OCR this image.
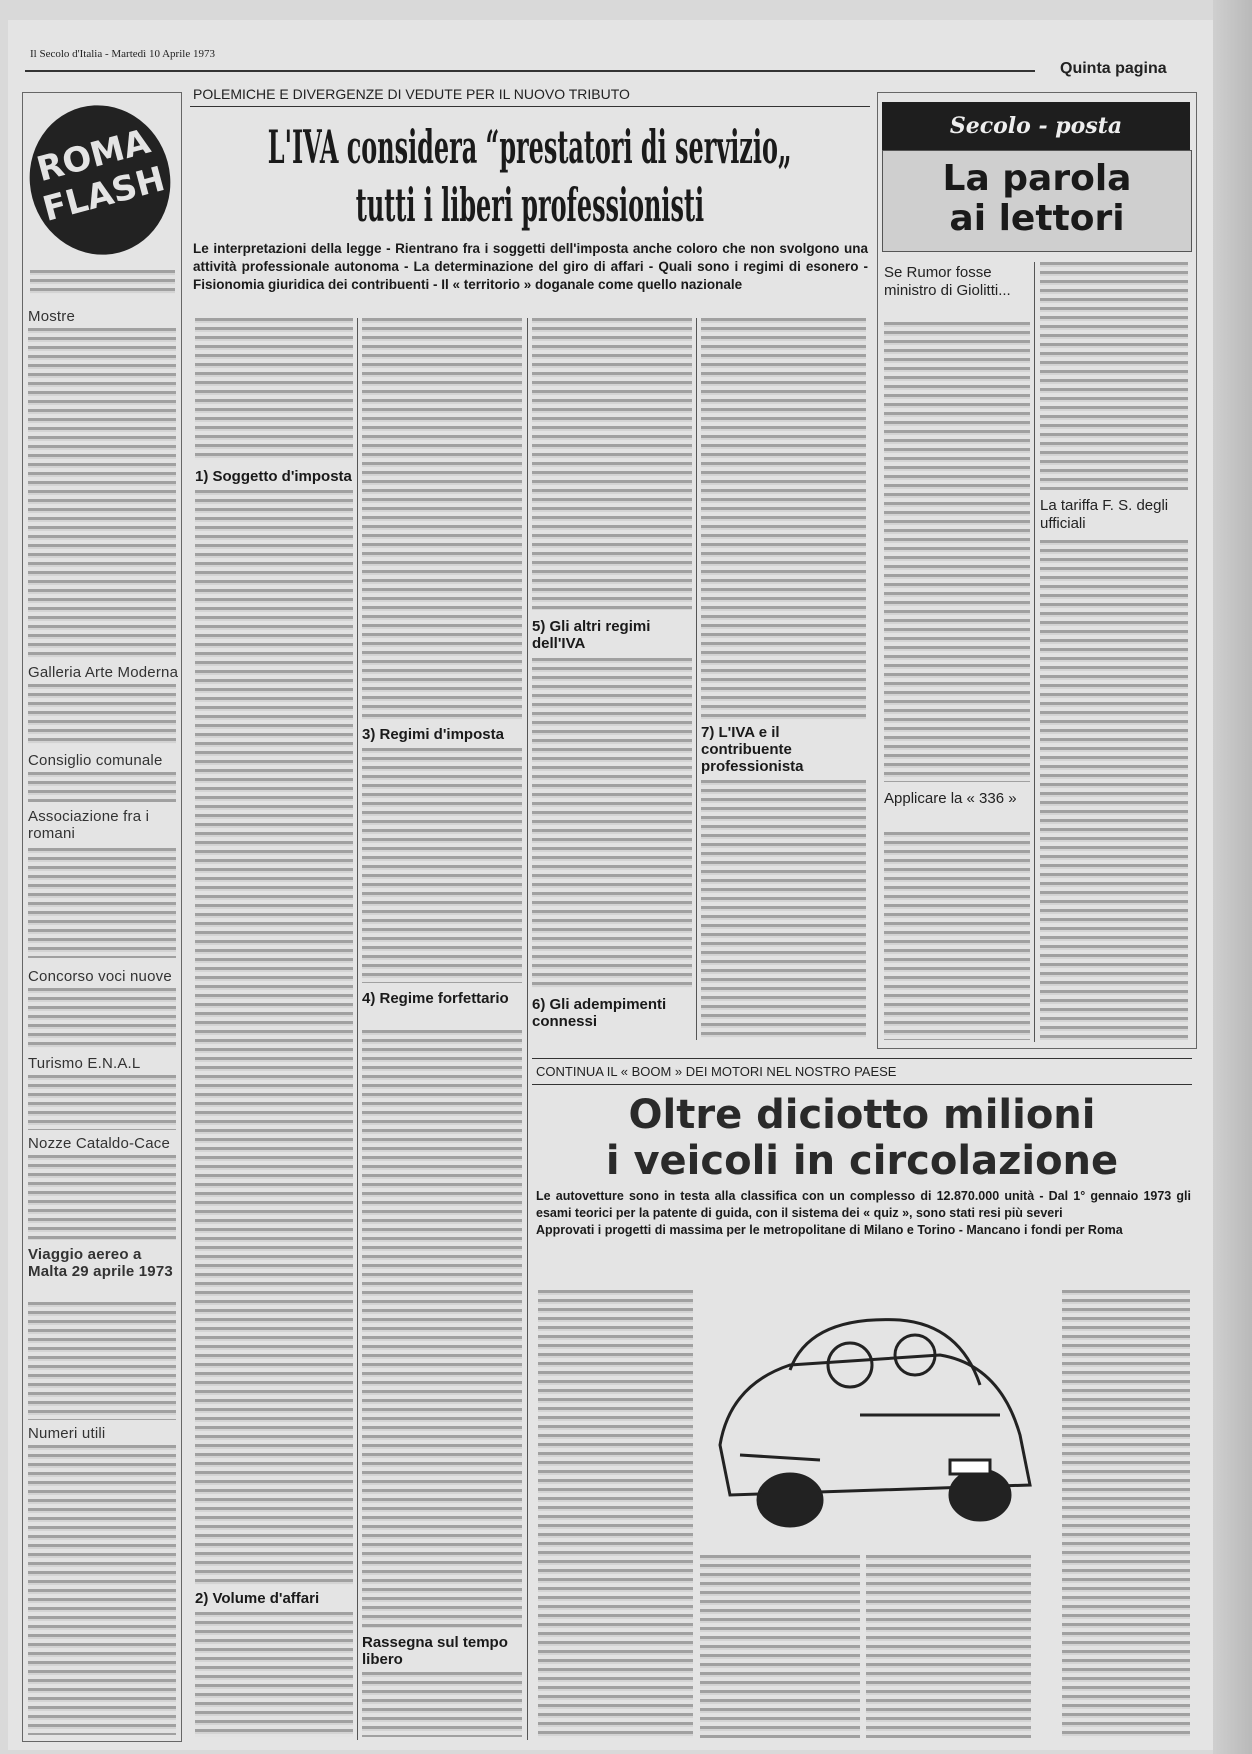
Il Secolo d'Italia - Martedì 10 Aprile 1973
Quinta pagina
ROMA FLASH
Mostre
Galleria Arte Moderna
Consiglio comunale
Associazione fra i romani
Concorso voci nuove
Turismo E.N.A.L
Nozze Cataldo-Cace
Viaggio aereo a Malta 29 aprile 1973
Numeri utili
POLEMICHE E DIVERGENZE DI VEDUTE PER IL NUOVO TRIBUTO
L'IVA considera “prestatori di servizio„
tutti i liberi professionisti
Le interpretazioni della legge - Rientrano fra i soggetti dell'imposta anche coloro che non svolgono una attività professionale autonoma - La determinazione del giro di affari - Quali sono i regimi di esonero - Fisionomia giuridica dei contribuenti - Il « territorio » doganale come quello nazionale
1) Soggetto d'imposta
2) Volume d'affari
3) Regimi d'imposta
4) Regime forfettario
Rassegna sul tempo libero
5) Gli altri regimi dell'IVA
6) Gli adempimenti connessi
7) L'IVA e il contribuente professionista
Secolo - posta
La parola
ai lettori
Se Rumor fosse ministro di Giolitti...
Applicare la « 336 »
La tariffa F. S. degli ufficiali
CONTINUA IL « BOOM » DEI MOTORI NEL NOSTRO PAESE
Oltre diciotto milioni
i veicoli in circolazione
Le autovetture sono in testa alla classifica con un complesso di 12.870.000 unità - Dal 1° gennaio 1973 gli esami teorici per la patente di guida, con il sistema dei « quiz », sono stati resi più severi
Approvati i progetti di massima per le metropolitane di Milano e Torino - Mancano i fondi per Roma
